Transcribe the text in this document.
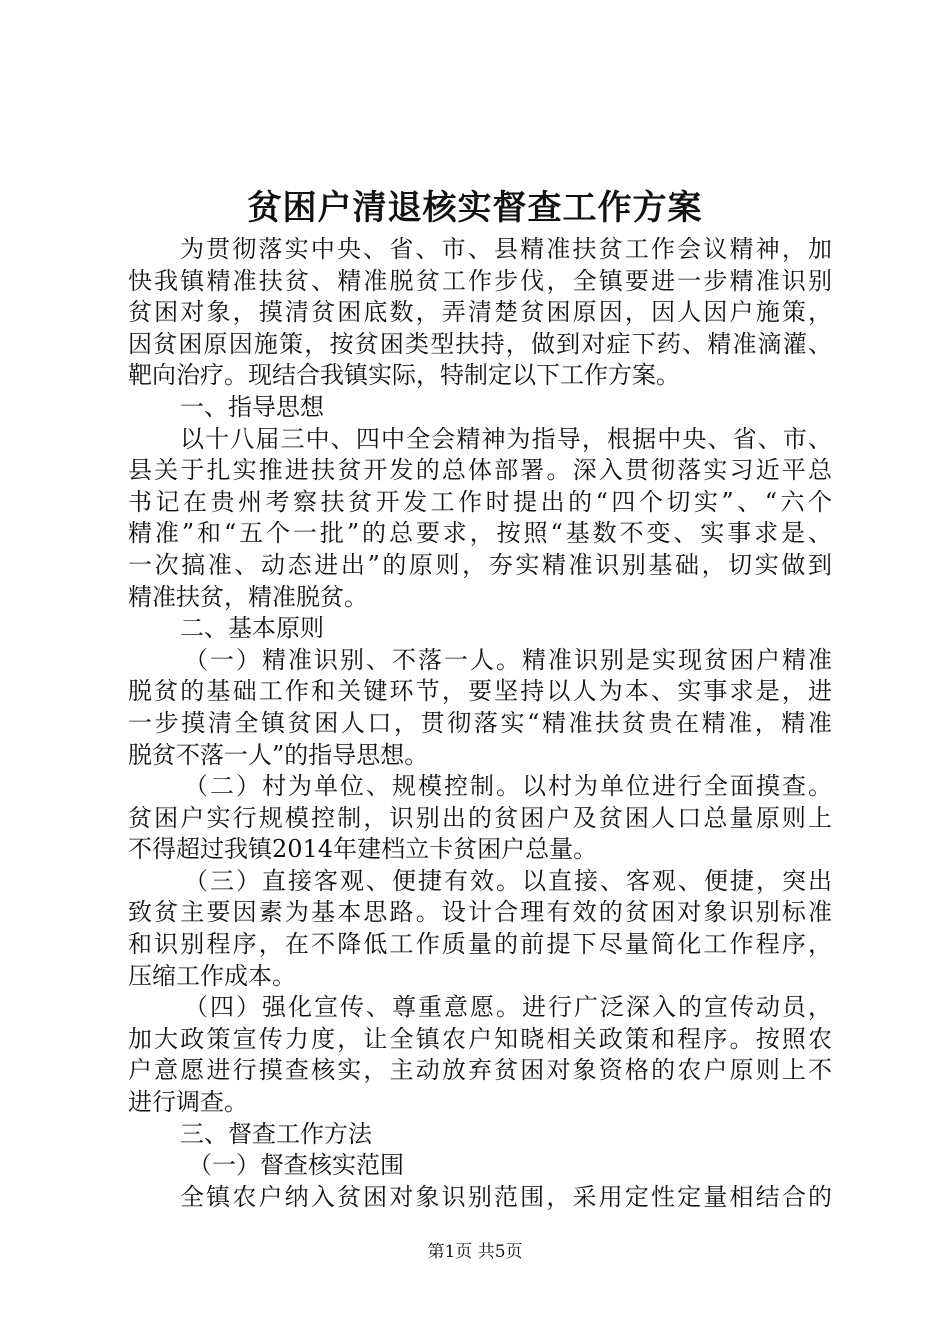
贫困户清退核实督查工作方案

为贯彻落实中央、省、市、县精准扶贫工作会议精神，加

快我镇精准扶贫、精准脱贫工作步伐，全镇要进一步精准识别

贫困对象，摸清贫困底数，弄清楚贫困原因，因人因户施策，

因贫困原因施策，按贫困类型扶持，做到对症下药、精准滴灌、

靶向治疗。现结合我镇实际，特制定以下工作方案。

一、指导思想

以十八届三中、四中全会精神为指导，根据中央、省、市、

县关于扎实推进扶贫开发的总体部署。深入贯彻落实习近平总

书记在贵州考察扶贫开发工作时提出的“四个切实”、“六个

精准”和“五个一批”的总要求，按照“基数不变、实事求是、

一次搞准、动态进出”的原则，夯实精准识别基础，切实做到

精准扶贫，精准脱贫。

二、基本原则

（一）精准识别、不落一人。精准识别是实现贫困户精准

脱贫的基础工作和关键环节，要坚持以人为本、实事求是，进

一步摸清全镇贫困人口，贯彻落实“精准扶贫贵在精准，精准

脱贫不落一人”的指导思想。

（二）村为单位、规模控制。以村为单位进行全面摸查。

贫困户实行规模控制，识别出的贫困户及贫困人口总量原则上

不得超过我镇2014年建档立卡贫困户总量。

（三）直接客观、便捷有效。以直接、客观、便捷，突出

致贫主要因素为基本思路。设计合理有效的贫困对象识别标准

和识别程序，在不降低工作质量的前提下尽量简化工作程序，

压缩工作成本。

（四）强化宣传、尊重意愿。进行广泛深入的宣传动员，

加大政策宣传力度，让全镇农户知晓相关政策和程序。按照农

户意愿进行摸查核实，主动放弃贫困对象资格的农户原则上不

进行调查。

三、督查工作方法

（一）督查核实范围

全镇农户纳入贫困对象识别范围，采用定性定量相结合的

第1页 共5页
